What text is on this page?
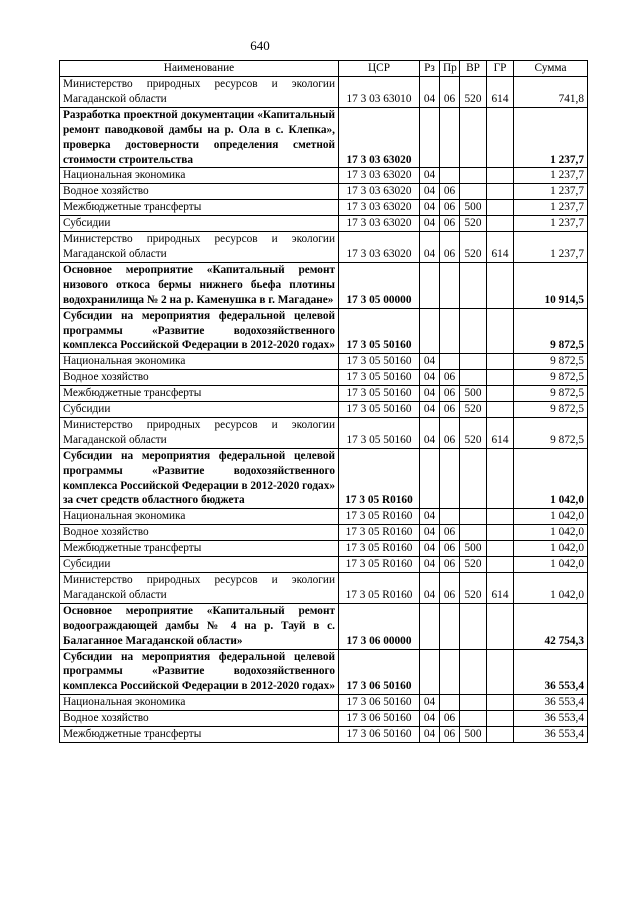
640
Наименование	ЦСР	Рз	Пр	ВР	ГР	Сумма
Министерство природных ресурсов и экологии Магаданской области	17 3 03 63010	04	06	520	614	741,8
Разработка проектной документации «Капитальный ремонт паводковой дамбы на р. Ола в с. Клепка», проверка достоверности определения сметной стоимости строительства	17 3 03 63020					1 237,7
Национальная экономика	17 3 03 63020	04				1 237,7
Водное хозяйство	17 3 03 63020	04	06			1 237,7
Межбюджетные трансферты	17 3 03 63020	04	06	500		1 237,7
Субсидии	17 3 03 63020	04	06	520		1 237,7
Министерство природных ресурсов и экологии Магаданской области	17 3 03 63020	04	06	520	614	1 237,7
Основное мероприятие «Капитальный ремонт низового откоса бермы нижнего бьефа плотины водохранилища № 2 на р. Каменушка в г. Магадане»	17 3 05 00000					10 914,5
Субсидии на мероприятия федеральной целевой программы «Развитие водохозяйственного комплекса Российской Федерации в 2012-2020 годах»	17 3 05 50160					9 872,5
Национальная экономика	17 3 05 50160	04				9 872,5
Водное хозяйство	17 3 05 50160	04	06			9 872,5
Межбюджетные трансферты	17 3 05 50160	04	06	500		9 872,5
Субсидии	17 3 05 50160	04	06	520		9 872,5
Министерство природных ресурсов и экологии Магаданской области	17 3 05 50160	04	06	520	614	9 872,5
Субсидии на мероприятия федеральной целевой программы «Развитие водохозяйственного комплекса Российской Федерации в 2012-2020 годах» за счет средств областного бюджета	17 3 05 R0160					1 042,0
Национальная экономика	17 3 05 R0160	04				1 042,0
Водное хозяйство	17 3 05 R0160	04	06			1 042,0
Межбюджетные трансферты	17 3 05 R0160	04	06	500		1 042,0
Субсидии	17 3 05 R0160	04	06	520		1 042,0
Министерство природных ресурсов и экологии Магаданской области	17 3 05 R0160	04	06	520	614	1 042,0
Основное мероприятие «Капитальный ремонт водоограждающей дамбы № 4 на р. Тауй в с. Балаганное Магаданской области»	17 3 06 00000					42 754,3
Субсидии на мероприятия федеральной целевой программы «Развитие водохозяйственного комплекса Российской Федерации в 2012-2020 годах»	17 3 06 50160					36 553,4
Национальная экономика	17 3 06 50160	04				36 553,4
Водное хозяйство	17 3 06 50160	04	06			36 553,4
Межбюджетные трансферты	17 3 06 50160	04	06	500		36 553,4
